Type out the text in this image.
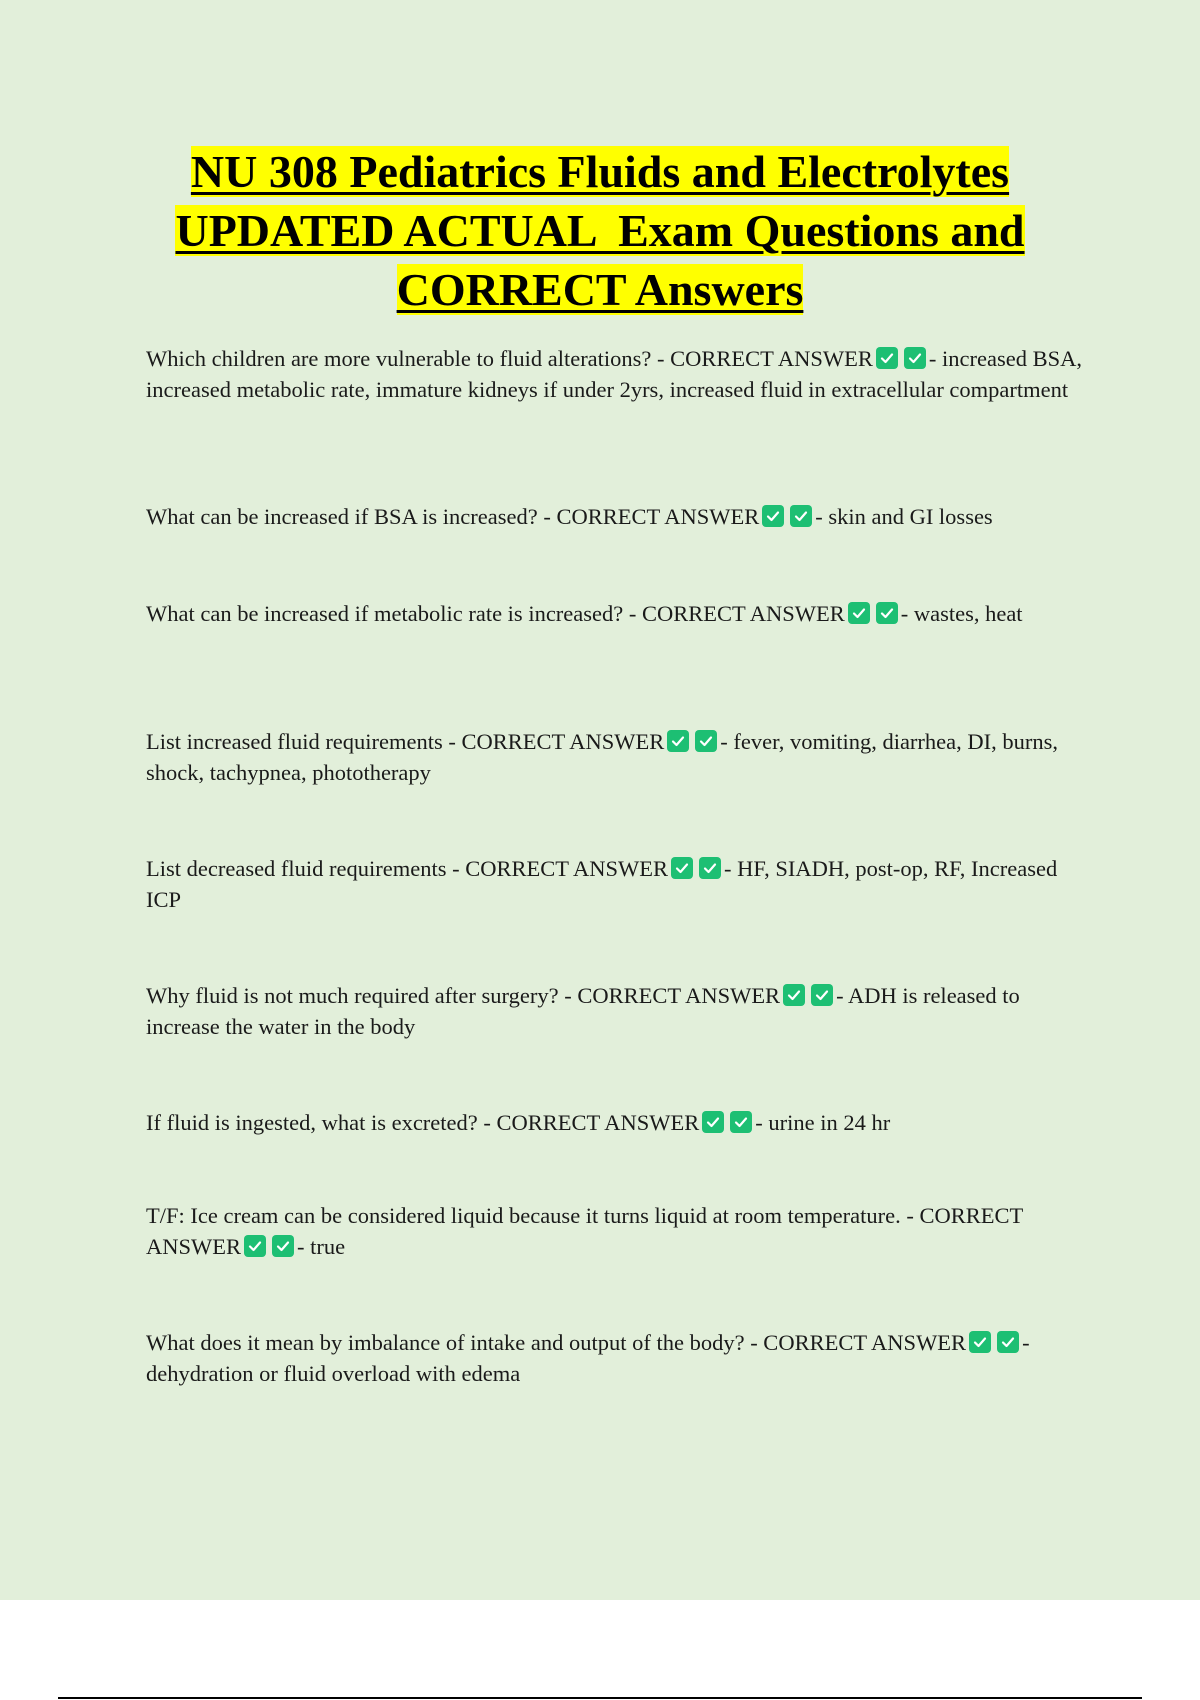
NU 308 Pediatrics Fluids and Electrolytes
UPDATED ACTUAL  Exam Questions and
CORRECT Answers
Which children are more vulnerable to fluid alterations? - CORRECT ANSWER - increased BSA, increased metabolic rate, immature kidneys if under 2yrs, increased fluid in extracellular compartment
What can be increased if BSA is increased? - CORRECT ANSWER - skin and GI losses
What can be increased if metabolic rate is increased? - CORRECT ANSWER - wastes, heat
List increased fluid requirements - CORRECT ANSWER - fever, vomiting, diarrhea, DI, burns, shock, tachypnea, phototherapy
List decreased fluid requirements - CORRECT ANSWER - HF, SIADH, post-op, RF, Increased ICP
Why fluid is not much required after surgery? - CORRECT ANSWER - ADH is released to increase the water in the body
If fluid is ingested, what is excreted? - CORRECT ANSWER - urine in 24 hr
T/F: Ice cream can be considered liquid because it turns liquid at room temperature. - CORRECT ANSWER - true
What does it mean by imbalance of intake and output of the body? - CORRECT ANSWER - dehydration or fluid overload with edema
